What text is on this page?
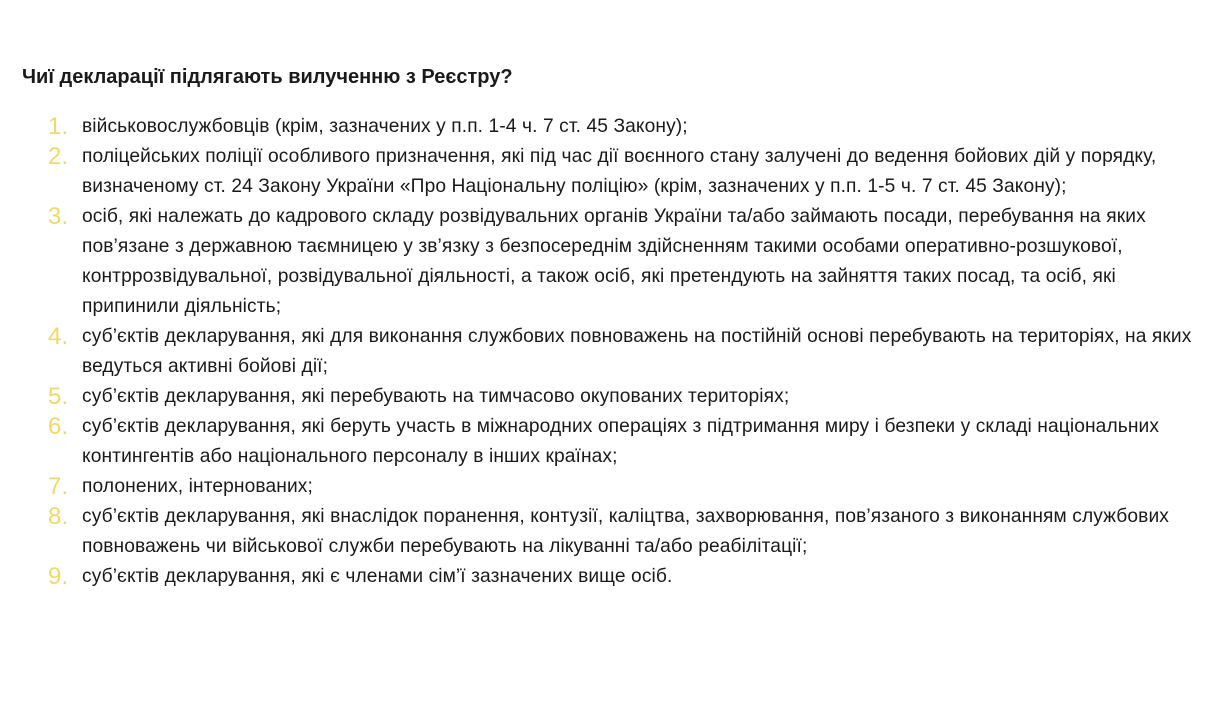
Чиї декларації підлягають вилученню з Реєстру?
1. військовослужбовців (крім, зазначених у п.п. 1-4 ч. 7 ст. 45 Закону);
2. поліцейських поліції особливого призначення, які під час дії воєнного стану залучені до ведення бойових дій у порядку, визначеному ст. 24 Закону України «Про Національну поліцію» (крім, зазначених у п.п. 1-5 ч. 7 ст. 45 Закону);
3. осіб, які належать до кадрового складу розвідувальних органів України та/або займають посади, перебування на яких пов’язане з державною таємницею у зв’язку з безпосереднім здійсненням такими особами оперативно-розшукової, контррозвідувальної, розвідувальної діяльності, а також осіб, які претендують на зайняття таких посад, та осіб, які припинили діяльність;
4. суб’єктів декларування, які для виконання службових повноважень на постійній основі перебувають на територіях, на яких ведуться активні бойові дії;
5. суб’єктів декларування, які перебувають на тимчасово окупованих територіях;
6. суб’єктів декларування, які беруть участь в міжнародних операціях з підтримання миру і безпеки у складі національних контингентів або національного персоналу в інших країнах;
7. полонених, інтернованих;
8. суб’єктів декларування, які внаслідок поранення, контузії, каліцтва, захворювання, пов’язаного з виконанням службових повноважень чи військової служби перебувають на лікуванні та/або реабілітації;
9. суб’єктів декларування, які є членами сім’ї зазначених вище осіб.
